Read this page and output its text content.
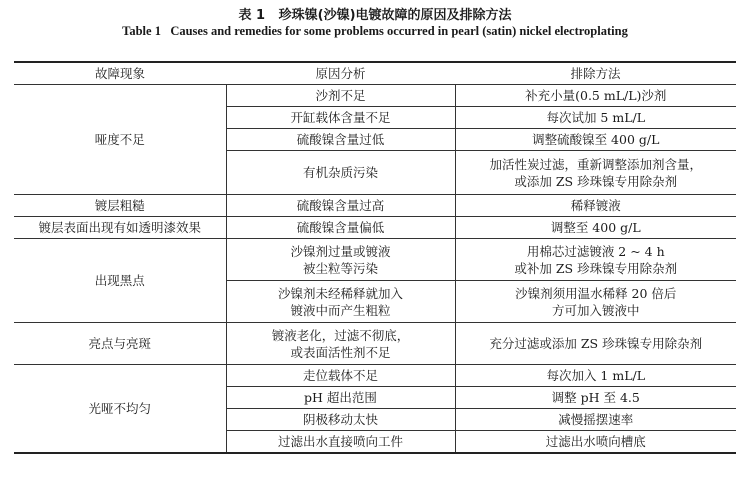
表 1 珍珠镍(沙镍)电镀故障的原因及排除方法
Table 1 Causes and remedies for some problems occurred in pearl (satin) nickel electroplating
故障现象	原因分析	排除方法
哑度不足	沙剂不足	补充小量(0.5 mL/L)沙剂
	开缸载体含量不足	每次试加 5 mL/L
	硫酸镍含量过低	调整硫酸镍至 400 g/L
	有机杂质污染	加活性炭过滤，重新调整添加剂含量，
或添加 ZS 珍珠镍专用除杂剂

镀层粗糙	硫酸镍含量过高	稀释镀液
镀层表面出现有如透明漆效果	硫酸镍含量偏低	调整至 400 g/L
出现黑点	沙镍剂过量或镀液
被尘粒等污染	用棉芯过滤镀液 2 ~ 4 h
或补加 ZS 珍珠镍专用除杂剂

	沙镍剂未经稀释就加入
镀液中而产生粗粒	沙镍剂须用温水稀释 20 倍后
方可加入镀液中

亮点与亮斑	镀液老化，过滤不彻底，
或表面活性剂不足	充分过滤或添加 ZS 珍珠镍专用除杂剂
光哑不均匀	走位载体不足	每次加入 1 mL/L
	pH 超出范围	调整 pH 至 4.5
	阴极移动太快	减慢摇摆速率
	过滤出水直接喷向工件	过滤出水喷向槽底
